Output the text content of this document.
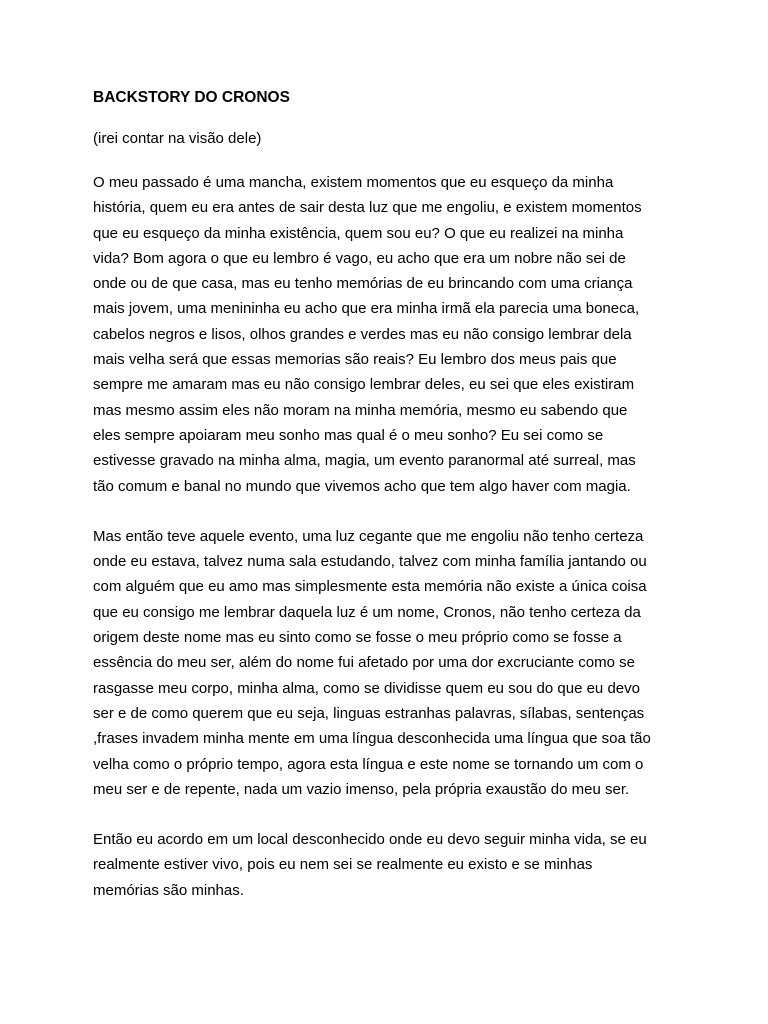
BACKSTORY DO CRONOS
(irei contar na visão dele)
O meu passado é uma mancha, existem momentos que eu esqueço da minha
história, quem eu era antes de sair desta luz que me engoliu, e existem momentos
que eu esqueço da minha existência, quem sou eu? O que eu realizei na minha
vida? Bom agora o que eu lembro é vago, eu acho que era um nobre não sei de
onde ou de que casa, mas eu tenho memórias de eu brincando com uma criança
mais jovem, uma menininha eu acho que era minha irmã ela parecia uma boneca,
cabelos negros e lisos, olhos grandes e verdes mas eu não consigo lembrar dela
mais velha será que essas memorias são reais? Eu lembro dos meus pais que
sempre me amaram mas eu não consigo lembrar deles, eu sei que eles existiram
mas mesmo assim eles não moram na minha memória, mesmo eu sabendo que
eles sempre apoiaram meu sonho mas qual é o meu sonho? Eu sei como se
estivesse gravado na minha alma, magia, um evento paranormal até surreal, mas
tão comum e banal no mundo que vivemos acho que tem algo haver com magia.
Mas então teve aquele evento, uma luz cegante que me engoliu não tenho certeza
onde eu estava, talvez numa sala estudando, talvez com minha família jantando ou
com alguém que eu amo mas simplesmente esta memória não existe a única coisa
que eu consigo me lembrar daquela luz é um nome, Cronos, não tenho certeza da
origem deste nome mas eu sinto como se fosse o meu próprio como se fosse a
essência do meu ser, além do nome fui afetado por uma dor excruciante como se
rasgasse meu corpo, minha alma, como se dividisse quem eu sou do que eu devo
ser e de como querem que eu seja, linguas estranhas palavras, sílabas, sentenças
,frases invadem minha mente em uma língua desconhecida uma língua que soa tão
velha como o próprio tempo, agora esta língua e este nome se tornando um com o
meu ser e de repente, nada um vazio imenso, pela própria exaustão do meu ser.
Então eu acordo em um local desconhecido onde eu devo seguir minha vida, se eu
realmente estiver vivo, pois eu nem sei se realmente eu existo e se minhas
memórias são minhas.
